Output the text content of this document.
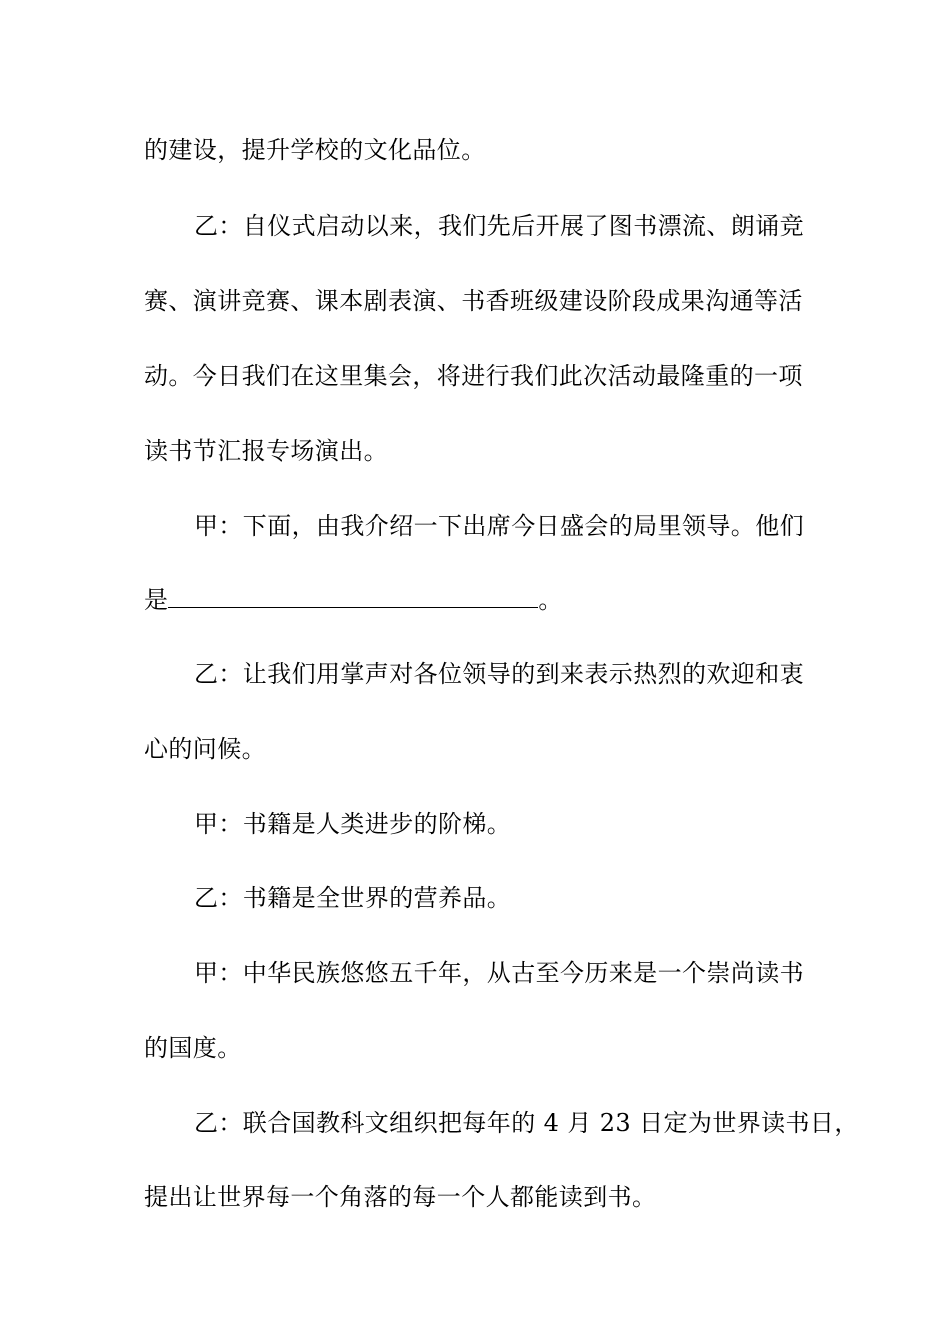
的建设，提升学校的文化品位。
乙：自仪式启动以来，我们先后开展了图书漂流、朗诵竞
赛、演讲竞赛、课本剧表演、书香班级建设阶段成果沟通等活
动。今日我们在这里集会，将进行我们此次活动最隆重的一项
读书节汇报专场演出。
甲：下面，由我介绍一下出席今日盛会的局里领导。他们
是	。
乙：让我们用掌声对各位领导的到来表示热烈的欢迎和衷
心的问候。
甲：书籍是人类进步的阶梯。
乙：书籍是全世界的营养品。
甲：中华民族悠悠五千年，从古至今历来是一个崇尚读书
的国度。
乙：联合国教科文组织把每年的 4 月 23 日定为世界读书日，
提出让世界每一个角落的每一个人都能读到书。
